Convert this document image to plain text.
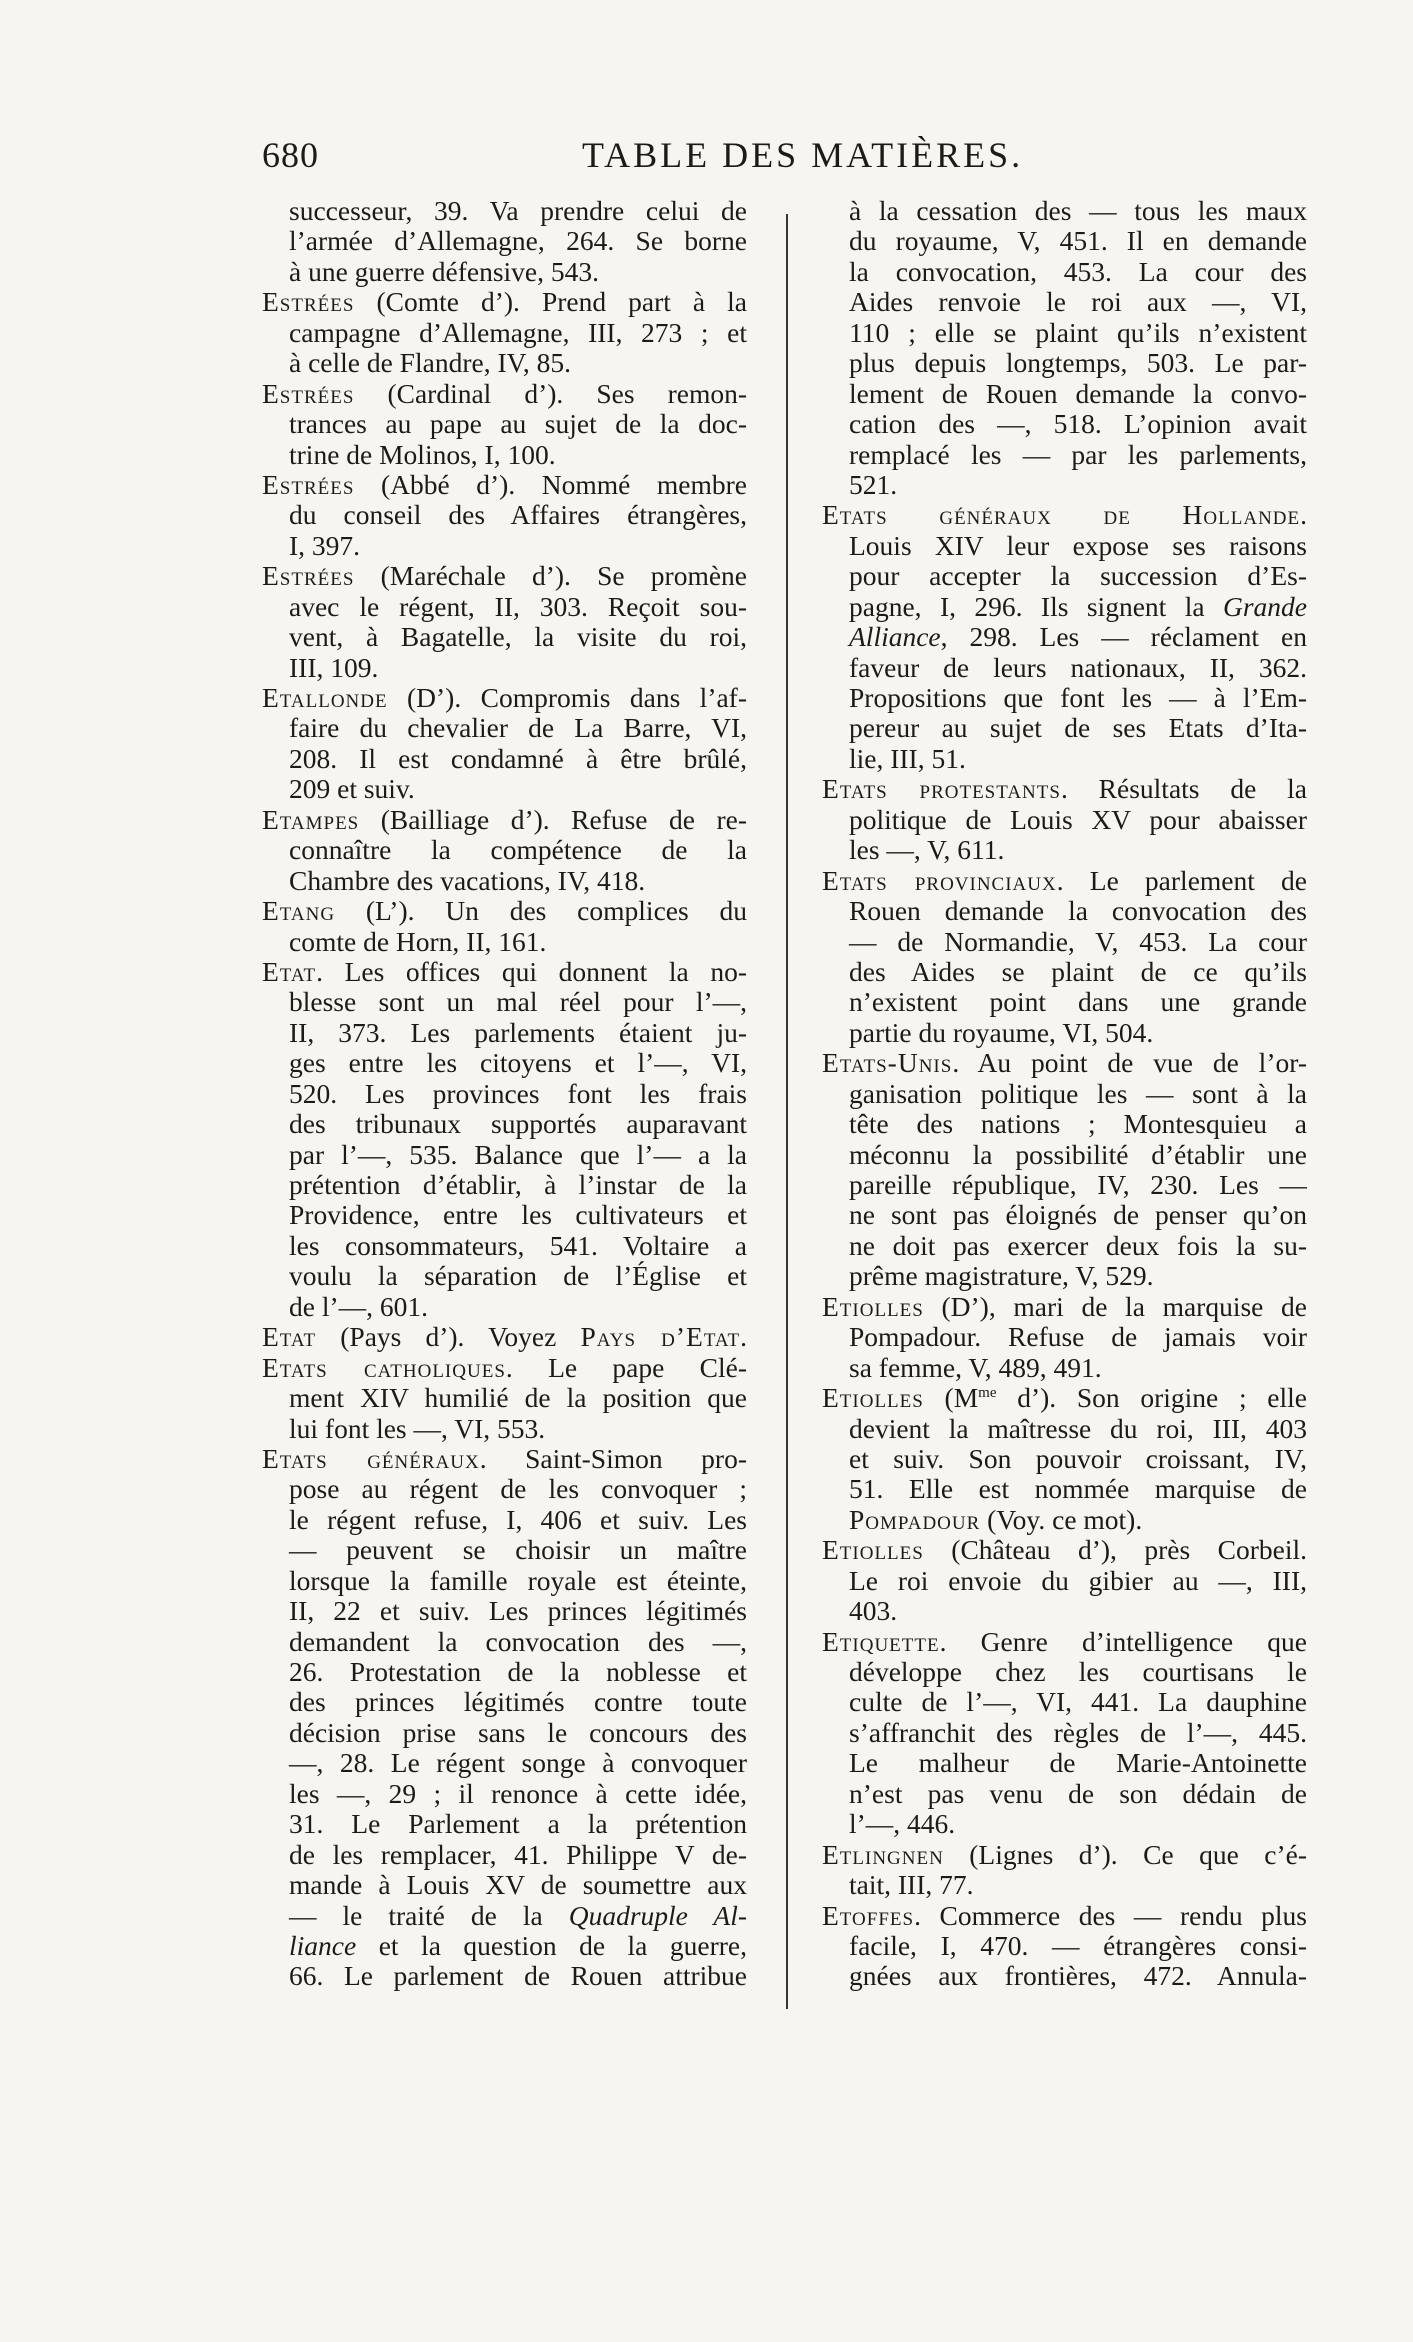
680	TABLE DES MATIÈRES.
successeur, 39. Va prendre celui de
l’armée d’Allemagne, 264. Se borne
à une guerre défensive, 543.
Estrées (Comte d’). Prend part à la
campagne d’Allemagne, III, 273 ; et
à celle de Flandre, IV, 85.
Estrées (Cardinal d’). Ses remon-
trances au pape au sujet de la doc-
trine de Molinos, I, 100.
Estrées (Abbé d’). Nommé membre
du conseil des Affaires étrangères,
I, 397.
Estrées (Maréchale d’). Se promène
avec le régent, II, 303. Reçoit sou-
vent, à Bagatelle, la visite du roi,
III, 109.
Etallonde (D’). Compromis dans l’af-
faire du chevalier de La Barre, VI,
208. Il est condamné à être brûlé,
209 et suiv.
Etampes (Bailliage d’). Refuse de re-
connaître la compétence de la
Chambre des vacations, IV, 418.
Etang (L’). Un des complices du
comte de Horn, II, 161.
Etat. Les offices qui donnent la no-
blesse sont un mal réel pour l’—,
II, 373. Les parlements étaient ju-
ges entre les citoyens et l’—, VI,
520. Les provinces font les frais
des tribunaux supportés auparavant
par l’—, 535. Balance que l’— a la
prétention d’établir, à l’instar de la
Providence, entre les cultivateurs et
les consommateurs, 541. Voltaire a
voulu la séparation de l’Église et
de l’—, 601.
Etat (Pays d’). Voyez Pays d’Etat.
Etats catholiques. Le pape Clé-
ment XIV humilié de la position que
lui font les —, VI, 553.
Etats généraux. Saint-Simon pro-
pose au régent de les convoquer ;
le régent refuse, I, 406 et suiv. Les
— peuvent se choisir un maître
lorsque la famille royale est éteinte,
II, 22 et suiv. Les princes légitimés
demandent la convocation des —,
26. Protestation de la noblesse et
des princes légitimés contre toute
décision prise sans le concours des
—, 28. Le régent songe à convoquer
les —, 29 ; il renonce à cette idée,
31. Le Parlement a la prétention
de les remplacer, 41. Philippe V de-
mande à Louis XV de soumettre aux
— le traité de la Quadruple Al-
liance et la question de la guerre,
66. Le parlement de Rouen attribue
à la cessation des — tous les maux
du royaume, V, 451. Il en demande
la convocation, 453. La cour des
Aides renvoie le roi aux —, VI,
110 ; elle se plaint qu’ils n’existent
plus depuis longtemps, 503. Le par-
lement de Rouen demande la convo-
cation des —, 518. L’opinion avait
remplacé les — par les parlements,
521.
Etats généraux de Hollande.
Louis XIV leur expose ses raisons
pour accepter la succession d’Es-
pagne, I, 296. Ils signent la Grande
Alliance, 298. Les — réclament en
faveur de leurs nationaux, II, 362.
Propositions que font les — à l’Em-
pereur au sujet de ses Etats d’Ita-
lie, III, 51.
Etats protestants. Résultats de la
politique de Louis XV pour abaisser
les —, V, 611.
Etats provinciaux. Le parlement de
Rouen demande la convocation des
— de Normandie, V, 453. La cour
des Aides se plaint de ce qu’ils
n’existent point dans une grande
partie du royaume, VI, 504.
Etats-Unis. Au point de vue de l’or-
ganisation politique les — sont à la
tête des nations ; Montesquieu a
méconnu la possibilité d’établir une
pareille république, IV, 230. Les —
ne sont pas éloignés de penser qu’on
ne doit pas exercer deux fois la su-
prême magistrature, V, 529.
Etiolles (D’), mari de la marquise de
Pompadour. Refuse de jamais voir
sa femme, V, 489, 491.
Etiolles ($M^{me}$ d’). Son origine ; elle
devient la maîtresse du roi, III, 403
et suiv. Son pouvoir croissant, IV,
51. Elle est nommée marquise de
Pompadour (Voy. ce mot).
Etiolles (Château d’), près Corbeil.
Le roi envoie du gibier au —, III,
403.
Etiquette. Genre d’intelligence que
développe chez les courtisans le
culte de l’—, VI, 441. La dauphine
s’affranchit des règles de l’—, 445.
Le malheur de Marie-Antoinette
n’est pas venu de son dédain de
l’—, 446.
Etlingnen (Lignes d’). Ce que c’é-
tait, III, 77.
Etoffes. Commerce des — rendu plus
facile, I, 470. — étrangères consi-
gnées aux frontières, 472. Annula-
